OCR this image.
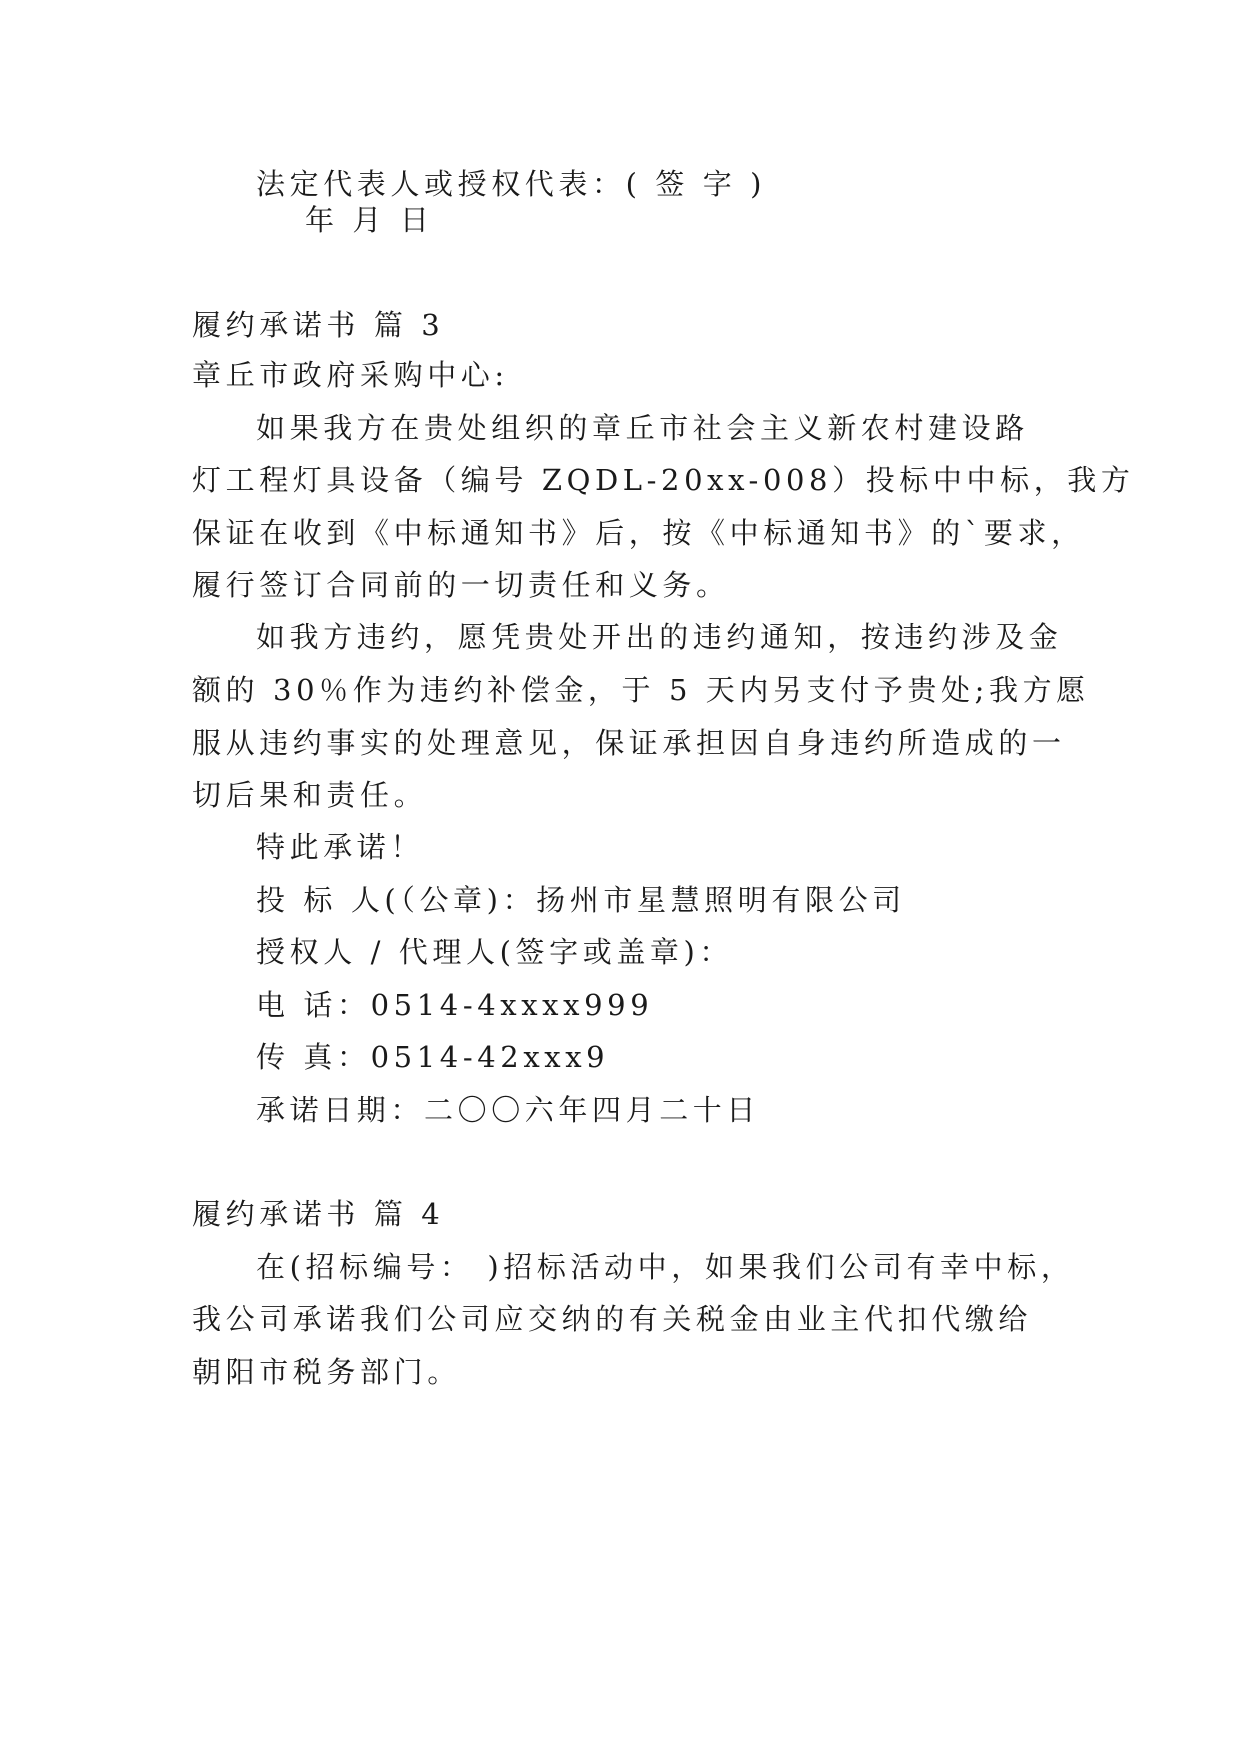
法定代表人或授权代表：( 签 字 )
年 月 日
履约承诺书 篇 3
章丘市政府采购中心:
如果我方在贵处组织的章丘市社会主义新农村建设路
灯工程灯具设备（编号 ZQDL-20xx-008）投标中中标，我方
保证在收到《中标通知书》后，按《中标通知书》的`要求，
履行签订合同前的一切责任和义务。
如我方违约，愿凭贵处开出的违约通知，按违约涉及金
额的 30％作为违约补偿金，于 5 天内另支付予贵处;我方愿
服从违约事实的处理意见，保证承担因自身违约所造成的一
切后果和责任。
特此承诺！
投 标 人(（公章)：扬州市星慧照明有限公司
授权人 / 代理人(签字或盖章)：
电 话：0514-4xxxx999
传 真：0514-42xxx9
承诺日期：二〇〇六年四月二十日
履约承诺书 篇 4
在(招标编号： )招标活动中，如果我们公司有幸中标，
我公司承诺我们公司应交纳的有关税金由业主代扣代缴给
朝阳市税务部门。
